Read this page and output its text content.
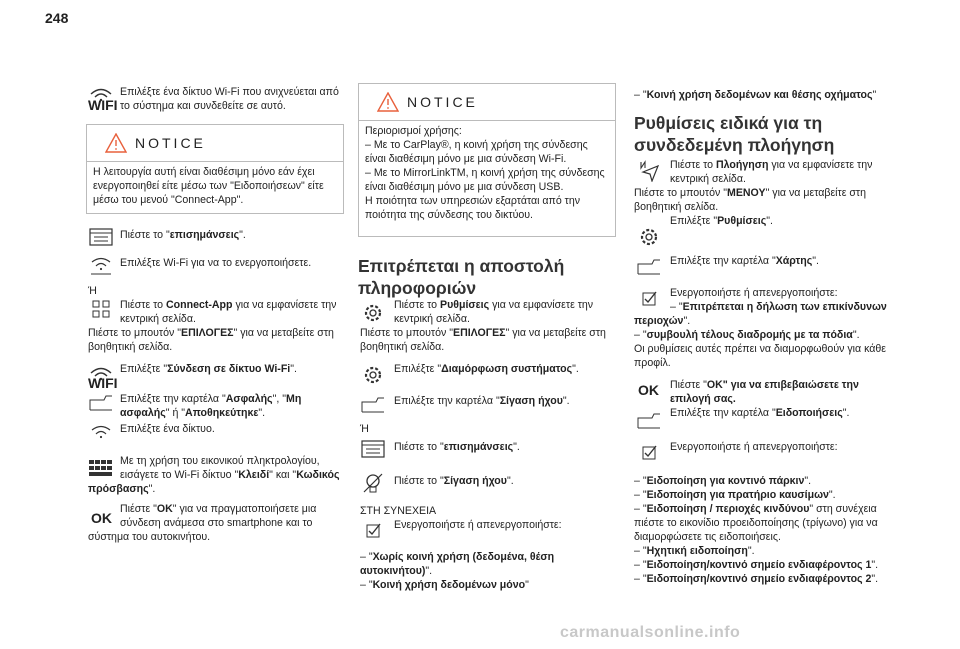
248
WIFI
Επιλέξτε ένα δίκτυο Wi-Fi που ανιχνεύεται από
το σύστημα και συνδεθείτε σε αυτό.
NOTICE
Η λειτουργία αυτή είναι διαθέσιμη μόνο εάν έχει
ενεργοποιηθεί είτε μέσω των "Ειδοποιήσεων" είτε
μέσω του μενού "Connect-App".
Πιέστε το "επισημάνσεις".
Επιλέξτε Wi-Fi για να το ενεργοποιήσετε.
Ή
Πιέστε το Connect-App για να εμφανίσετε την
κεντρική σελίδα.
Πιέστε το μπουτόν "ΕΠΙΛΟΓΕΣ" για να μεταβείτε στη
βοηθητική σελίδα.
WIFI
Επιλέξτε "Σύνδεση σε δίκτυο Wi-Fi".
Επιλέξτε την καρτέλα "Ασφαλής", "Μη
ασφαλής" ή "Αποθηκεύτηκε".
Επιλέξτε ένα δίκτυο.
Με τη χρήση του εικονικού πληκτρολογίου,
εισάγετε το Wi-Fi δίκτυο "Κλειδί" και "Κωδικός
πρόσβασης".
OK
Πιέστε "OK" για να πραγματοποιήσετε μια
σύνδεση ανάμεσα στο smartphone και το
σύστημα του αυτοκινήτου.
NOTICE
Περιορισμοί χρήσης:
– Με το CarPlay®, η κοινή χρήση της σύνδεσης
είναι διαθέσιμη μόνο με μια σύνδεση Wi-Fi.
– Με το MirrorLinkTM, η κοινή χρήση της σύνδεσης
είναι διαθέσιμη μόνο με μια σύνδεση USB.
Η ποιότητα των υπηρεσιών εξαρτάται από την
ποιότητα της σύνδεσης του δικτύου.
Επιτρέπεται η αποστολή
πληροφοριών
Πιέστε το Ρυθμίσεις για να εμφανίσετε την
κεντρική σελίδα.
Πιέστε το μπουτόν "ΕΠΙΛΟΓΕΣ" για να μεταβείτε στη
βοηθητική σελίδα.
Επιλέξτε "Διαμόρφωση συστήματος".
Επιλέξτε την καρτέλα "Σίγαση ήχου".
Ή
Πιέστε το "επισημάνσεις".
Πιέστε το "Σίγαση ήχου".
ΣΤΗ ΣΥΝΕΧΕΙΑ
Ενεργοποιήστε ή απενεργοποιήστε:
– "Χωρίς κοινή χρήση (δεδομένα, θέση
αυτοκινήτου)".
– "Κοινή χρήση δεδομένων μόνο"
– "Κοινή χρήση δεδομένων και θέσης οχήματος"
Ρυθμίσεις ειδικά για τη
συνδεδεμένη πλοήγηση
Πιέστε το Πλοήγηση για να εμφανίσετε την
κεντρική σελίδα.
Πιέστε το μπουτόν "ΜΕΝΟΥ" για να μεταβείτε στη
βοηθητική σελίδα.
Επιλέξτε "Ρυθμίσεις".
Επιλέξτε την καρτέλα "Χάρτης".
Ενεργοποιήστε ή απενεργοποιήστε:
– "Επιτρέπεται η δήλωση των επικίνδυνων
περιοχών".
– "συμβουλή τέλους διαδρομής με τα πόδια".
Οι ρυθμίσεις αυτές πρέπει να διαμορφωθούν για κάθε
προφίλ.
OK Πιέστε "OK" για να επιβεβαιώσετε την
επιλογή σας.
Επιλέξτε την καρτέλα "Ειδοποιήσεις".
Ενεργοποιήστε ή απενεργοποιήστε:
– "Ειδοποίηση για κοντινό πάρκιν".
– "Ειδοποίηση για πρατήριο καυσίμων".
– "Ειδοποίηση / περιοχές κινδύνου" στη συνέχεια
πιέστε το εικονίδιο προειδοποίησης (τρίγωνο) για να
διαμορφώσετε τις ειδοποιήσεις.
– "Ηχητική ειδοποίηση".
– "Ειδοποίηση/κοντινό σημείο ενδιαφέροντος 1".
– "Ειδοποίηση/κοντινό σημείο ενδιαφέροντος 2".
carmanualsonline.info
